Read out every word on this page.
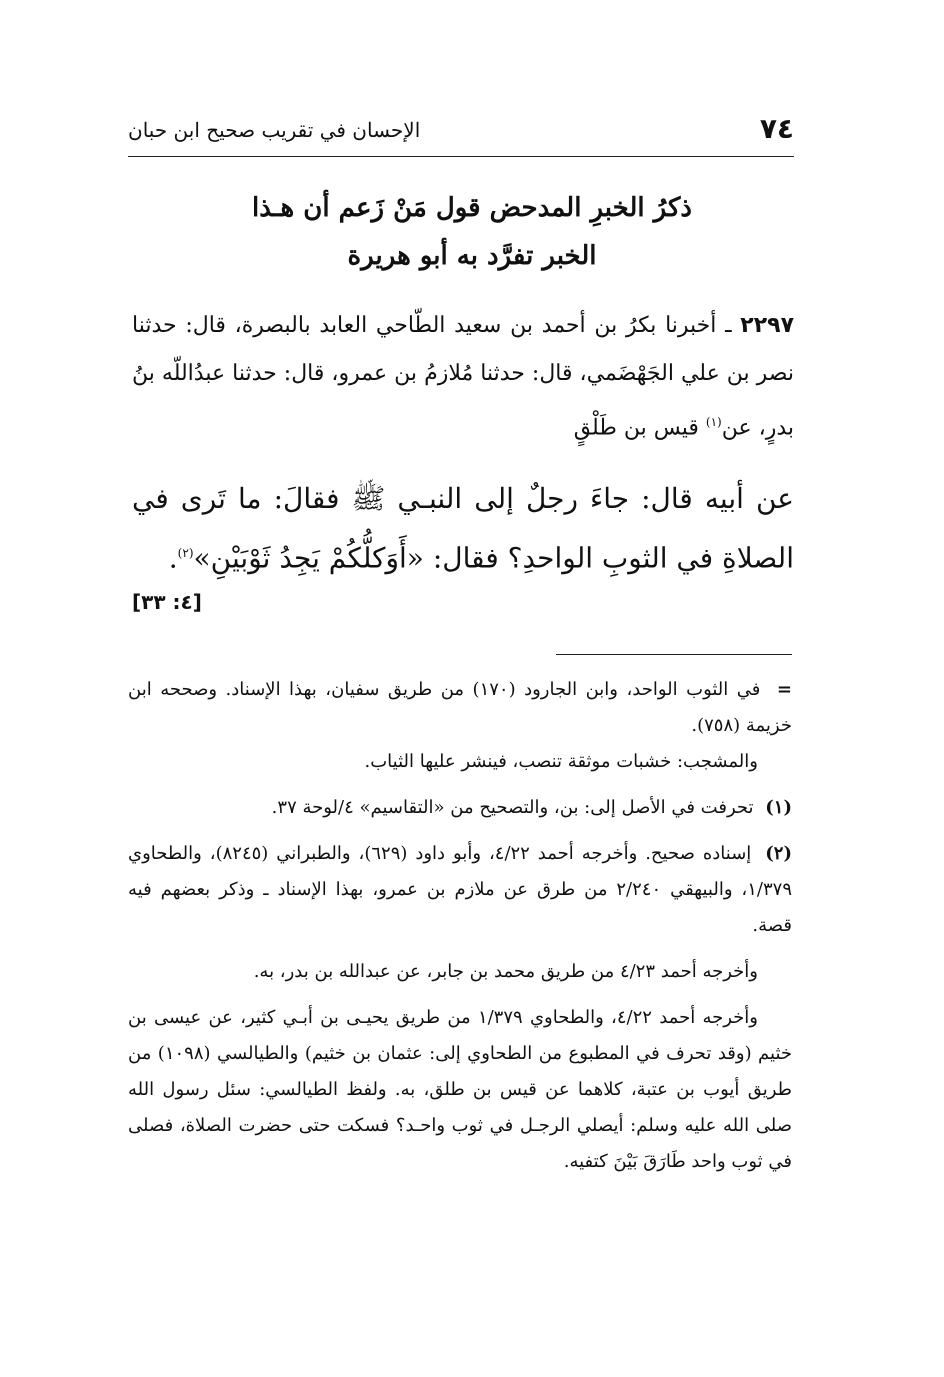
٧٤
الإحسان في تقريب صحيح ابن حبان
ذكرُ الخبرِ المدحض قول مَنْ زَعم أن هـذا
الخبر تفرَّد به أبو هريرة
٢٢٩٧ ـ أخبرنا بكرُ بن أحمد بن سعيد الطّاحي العابد بالبصرة، قال: حدثنا نصر بن علي الجَهْضَمي، قال: حدثنا مُلازمُ بن عمرو، قال: حدثنا عبدُاللّه بنُ بدرٍ، عن$^{(١)}$ قيس بن طَلْقٍ
عن أبيه قال: جاءَ رجلٌ إلى النبـي ﷺ فقالَ: ما تَرى في الصلاةِ في الثوبِ الواحدِ؟ فقال: «أَوَكلُّكُمْ يَجِدُ ثَوْبَيْنِ»$^{(٢)}$.
[٤: ٣٣]
= في الثوب الواحد، وابن الجارود (١٧٠) من طريق سفيان، بهذا الإسناد. وصححه ابن خزيمة (٧٥٨).
والمشجب: خشبات موثقة تنصب، فينشر عليها الثياب.
(١) تحرفت في الأصل إلى: بن، والتصحيح من «التقاسيم» ٤/لوحة ٣٧.
(٢) إسناده صحيح. وأخرجه أحمد ٤/٢٢، وأبو داود (٦٢٩)، والطبراني (٨٢٤٥)، والطحاوي ١/٣٧٩، والبيهقي ٢/٢٤٠ من طرق عن ملازم بن عمرو، بهذا الإسناد ـ وذكر بعضهم فيه قصة.
وأخرجه أحمد ٤/٢٣ من طريق محمد بن جابر، عن عبدالله بن بدر، به.
وأخرجه أحمد ٤/٢٢، والطحاوي ١/٣٧٩ من طريق يحيـى بن أبـي كثير، عن عيسى بن خثيم (وقد تحرف في المطبوع من الطحاوي إلى: عثمان بن خثيم) والطيالسي (١٠٩٨) من طريق أيوب بن عتبة، كلاهما عن قيس بن طلق، به. ولفظ الطيالسي: سئل رسول الله صلى الله عليه وسلم: أيصلي الرجـل في ثوب واحـد؟ فسكت حتى حضرت الصلاة، فصلى في ثوب واحد طَارَقَ بَيْنَ كتفيه.
